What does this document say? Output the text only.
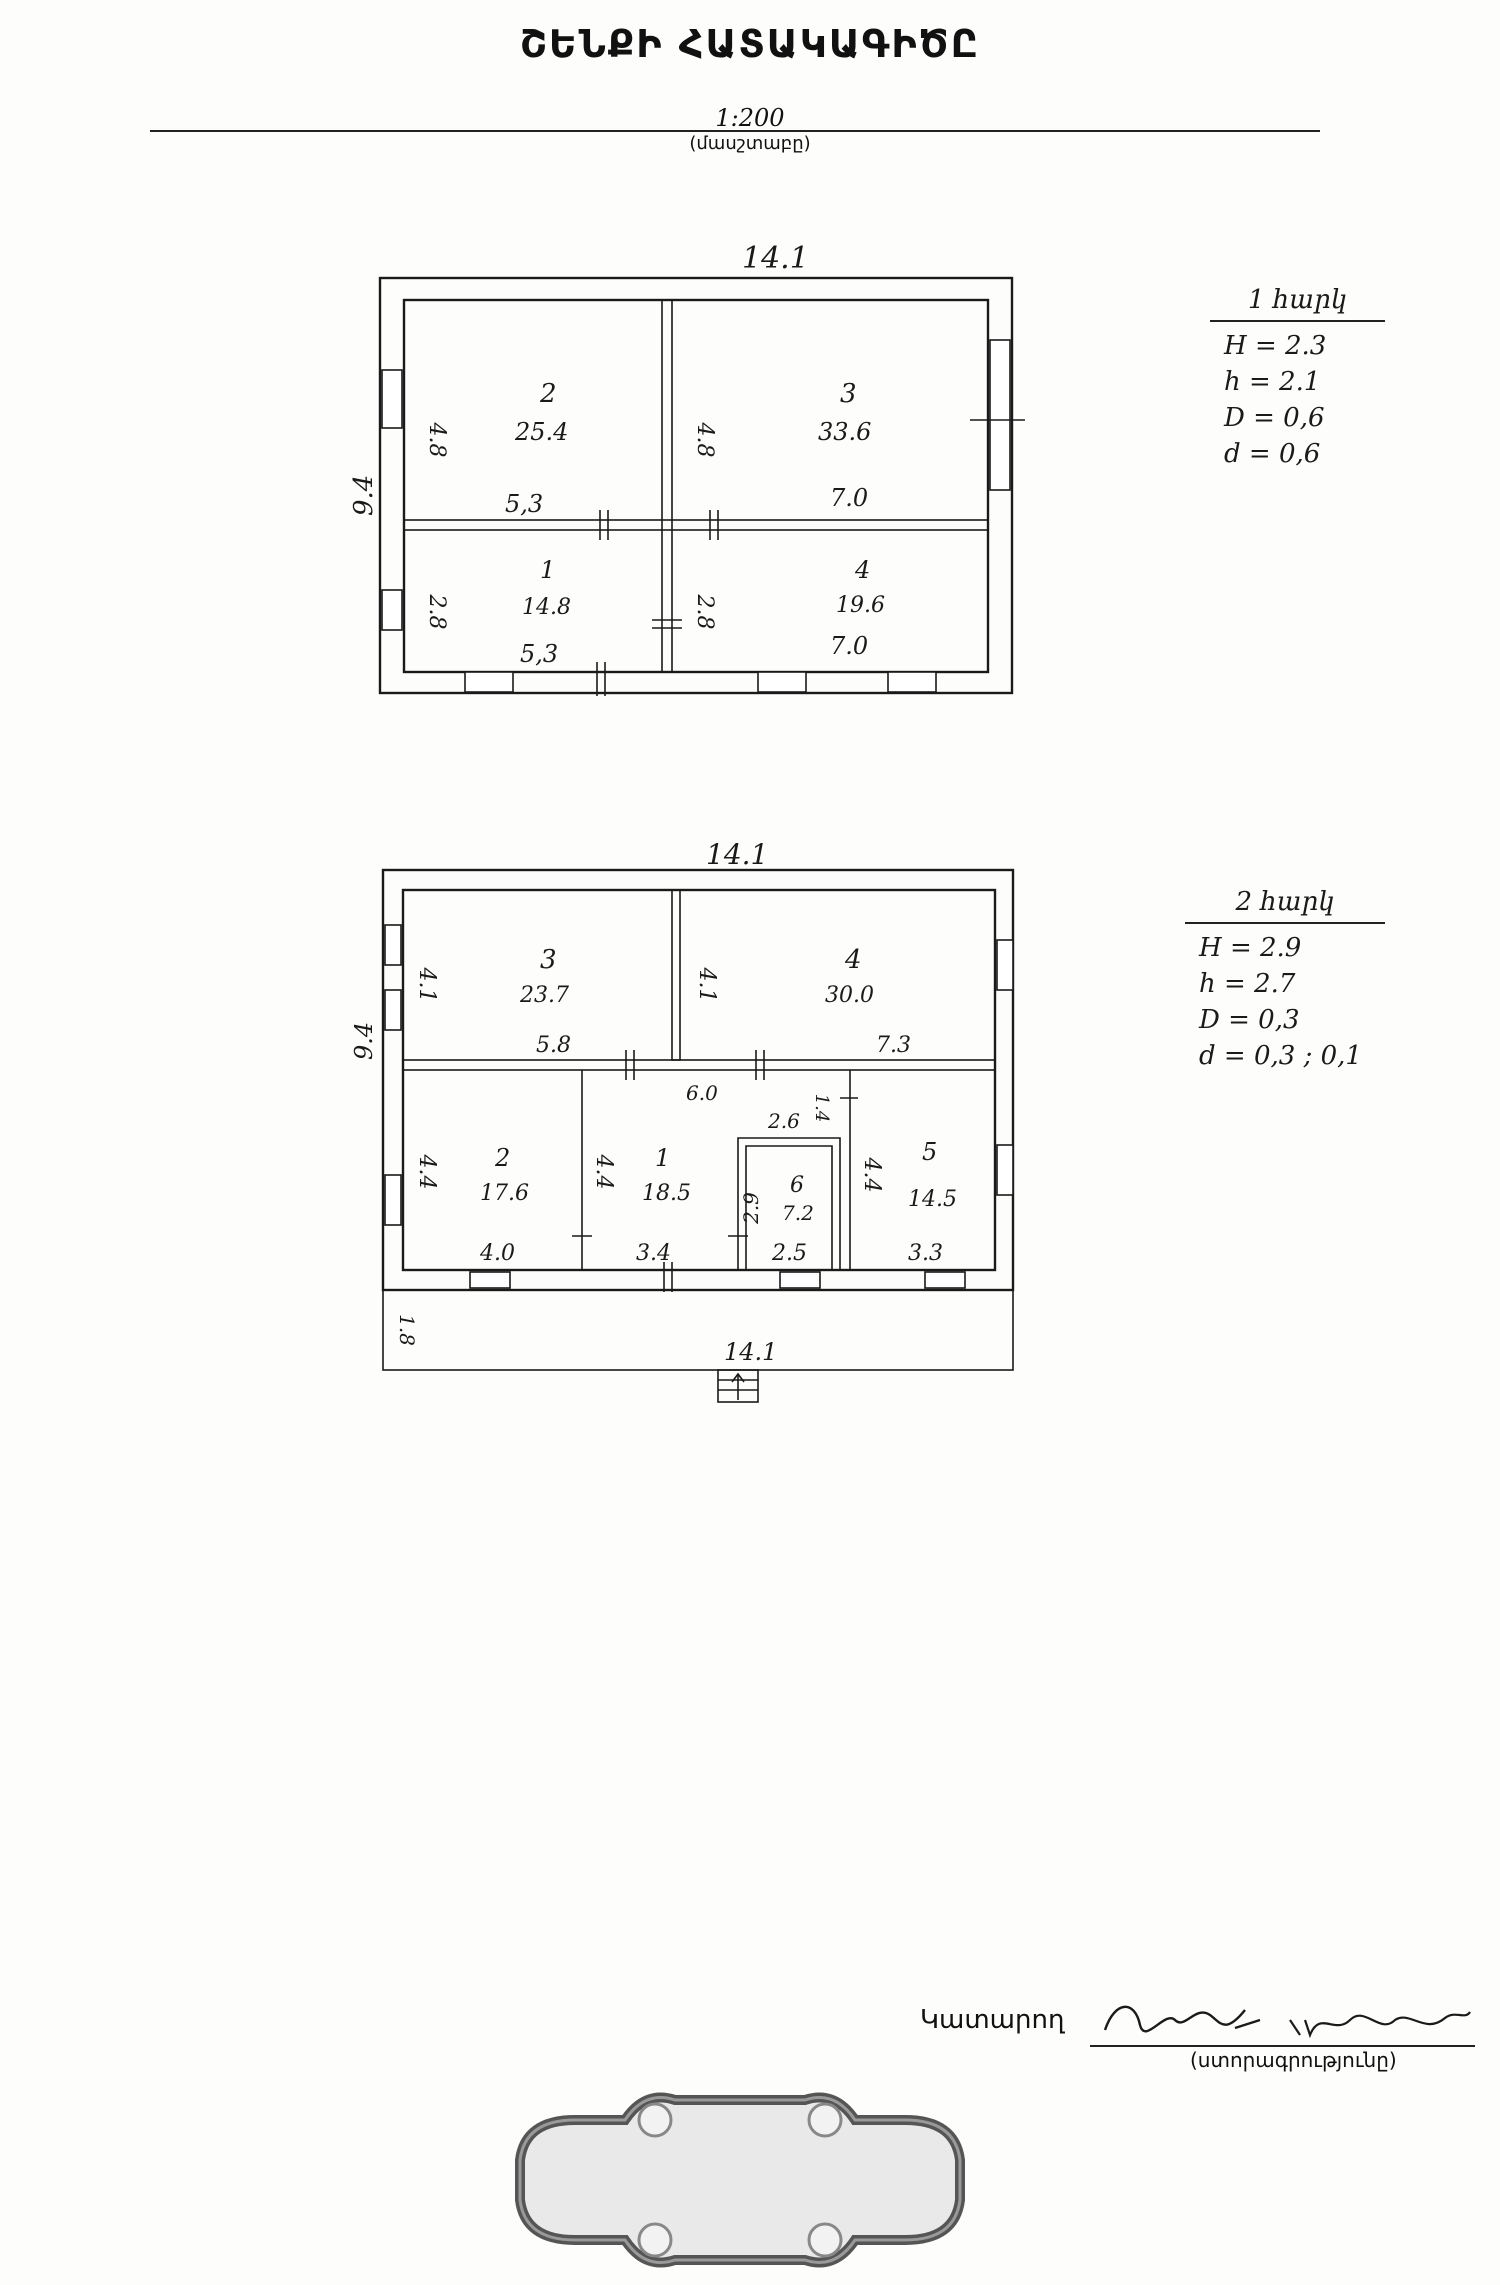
ՇԵՆՔԻ ՀԱՏԱԿԱԳԻԾԸ
1:200
(մասշտաբը)
14.1
9.4
2
25.4
4.8
3
33.6
4.8
5,3	7.0
1
14.8
2.8
4
19.6
2.8
5,3	7.0
14.1
9.4
3
23.7
4.1
4
30.0
4.1
5.8	7.3
6.0
2.6 1.4
2
17.6
4.4	1
18.5
4.4	6
7.2
2.9
5
14.5
4.4
4.0	3.4	2.5	3.3
1.8
14.1
1 հարկ
H = 2.3
h = 2.1
D = 0,6
d = 0,6
2 հարկ
H = 2.9
h = 2.7
D = 0,3
d = 0,3 ; 0,1
Կատարող
(ստորագրությունը)
